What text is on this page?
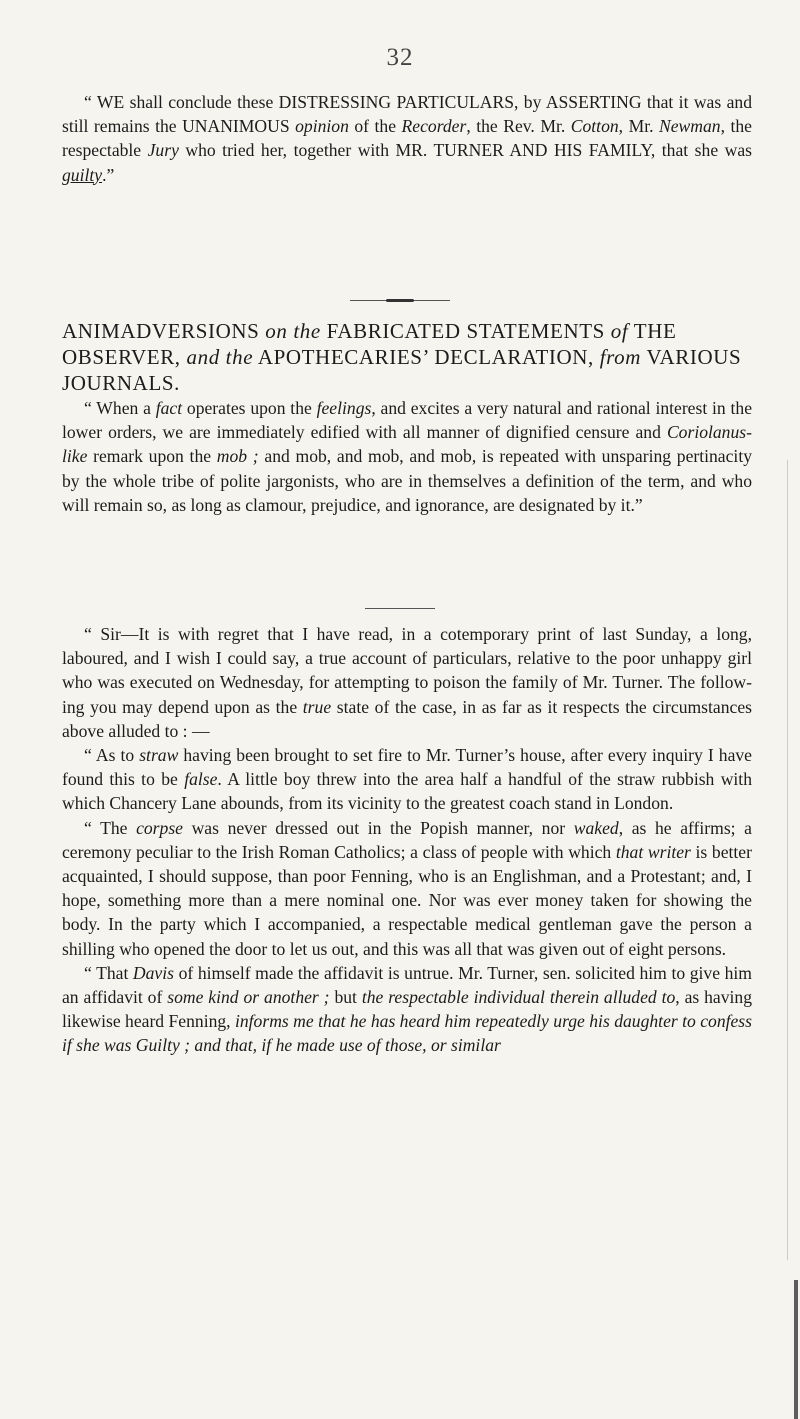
32

“ WE shall conclude these DISTRESSING PARTICULARS, by ASSERTING that it was and still remains the UNANIMOUS opinion of the Recorder, the Rev. Mr. Cotton, Mr. Newman, the respectable Jury who tried her, together with MR. TURNER AND HIS FAMILY, that she was guilty.”

ANIMADVERSIONS on the FABRICATED STATEMENTS of THE OBSERVER, and the APOTHECARIES’ DECLARATION, from VARIOUS JOURNALS.

“ When a fact operates upon the feelings, and excites a very natural and rational interest in the lower orders, we are immediately edified with all manner of dignified censure and Coriolanus-like remark upon the mob ; and mob, and mob, and mob, is repeated with unsparing pertinacity by the whole tribe of polite jargonists, who are in themselves a definition of the term, and who will remain so, as long as clamour, prejudice, and ignorance, are designated by it.”

“ Sir—It is with regret that I have read, in a cotemporary print of last Sunday, a long, laboured, and I wish I could say, a true account of particulars, relative to the poor unhappy girl who was executed on Wednesday, for attempting to poison the family of Mr. Turner. The following you may depend upon as the true state of the case, in as far as it respects the circumstances above alluded to : —

“ As to straw having been brought to set fire to Mr. Turner’s house, after every inquiry I have found this to be false. A little boy threw into the area half a handful of the straw rubbish with which Chancery Lane abounds, from its vicinity to the greatest coach stand in London.

“ The corpse was never dressed out in the Popish manner, nor waked, as he affirms; a ceremony peculiar to the Irish Roman Catholics; a class of people with which that writer is better acquainted, I should suppose, than poor Fenning, who is an Englishman, and a Protestant; and, I hope, something more than a mere nominal one. Nor was ever money taken for showing the body. In the party which I accompanied, a respectable medical gentleman gave the person a shilling who opened the door to let us out, and this was all that was given out of eight persons.

“ That Davis of himself made the affidavit is untrue. Mr. Turner, sen. solicited him to give him an affidavit of some kind or another ; but the respectable individual therein alluded to, as having likewise heard Fenning, informs me that he has heard him repeatedly urge his daughter to confess if she was Guilty ; and that, if he made use of those, or similar
